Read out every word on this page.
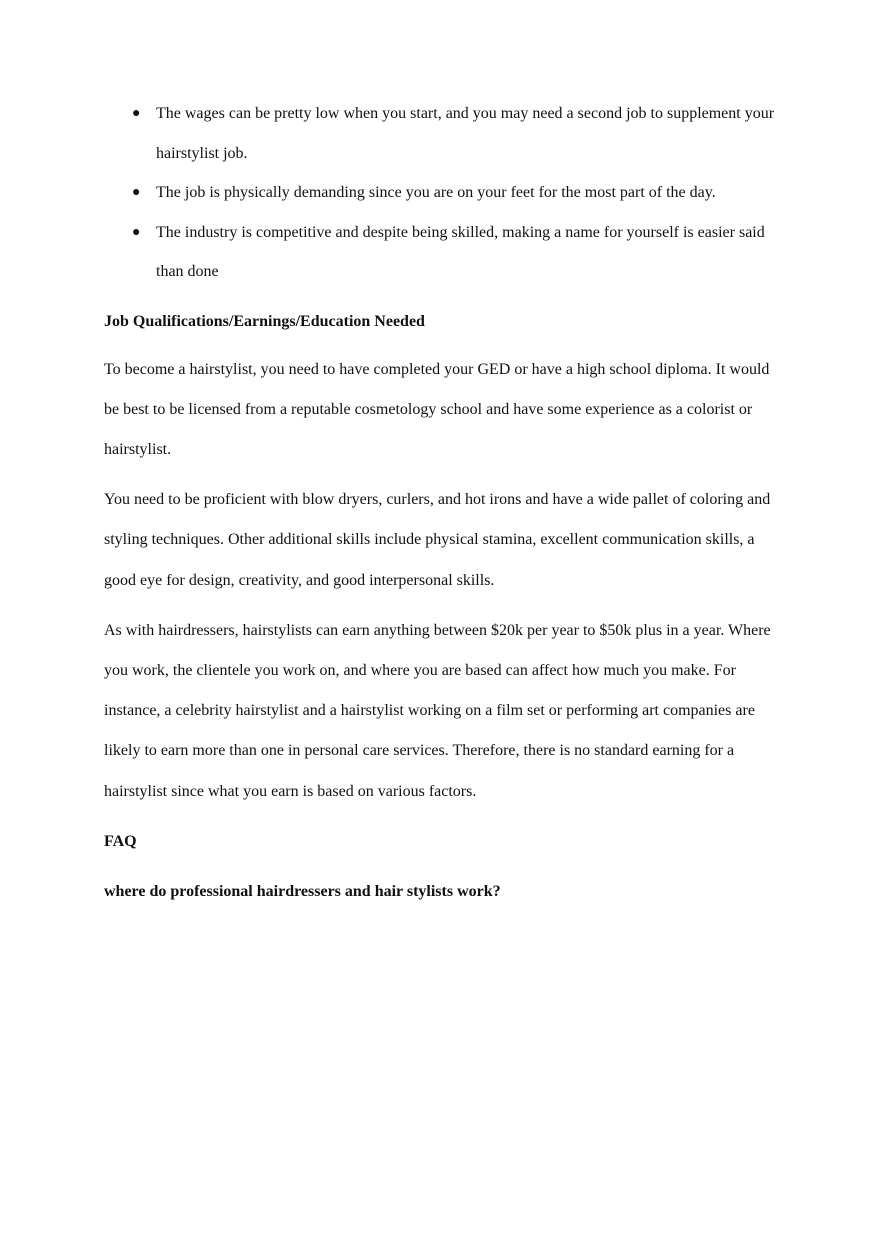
● The wages can be pretty low when you start, and you may need a second job to supplement your hairstylist job.
● The job is physically demanding since you are on your feet for the most part of the day.
● The industry is competitive and despite being skilled, making a name for yourself is easier said than done
Job Qualifications/Earnings/Education Needed

To become a hairstylist, you need to have completed your GED or have a high school diploma. It would be best to be licensed from a reputable cosmetology school and have some experience as a colorist or hairstylist.

You need to be proficient with blow dryers, curlers, and hot irons and have a wide pallet of coloring and styling techniques. Other additional skills include physical stamina, excellent communication skills, a good eye for design, creativity, and good interpersonal skills.

As with hairdressers, hairstylists can earn anything between $20k per year to $50k plus in a year. Where you work, the clientele you work on, and where you are based can affect how much you make. For instance, a celebrity hairstylist and a hairstylist working on a film set or performing art companies are likely to earn more than one in personal care services. Therefore, there is no standard earning for a hairstylist since what you earn is based on various factors.

FAQ
where do professional hairdressers and hair stylists work?
